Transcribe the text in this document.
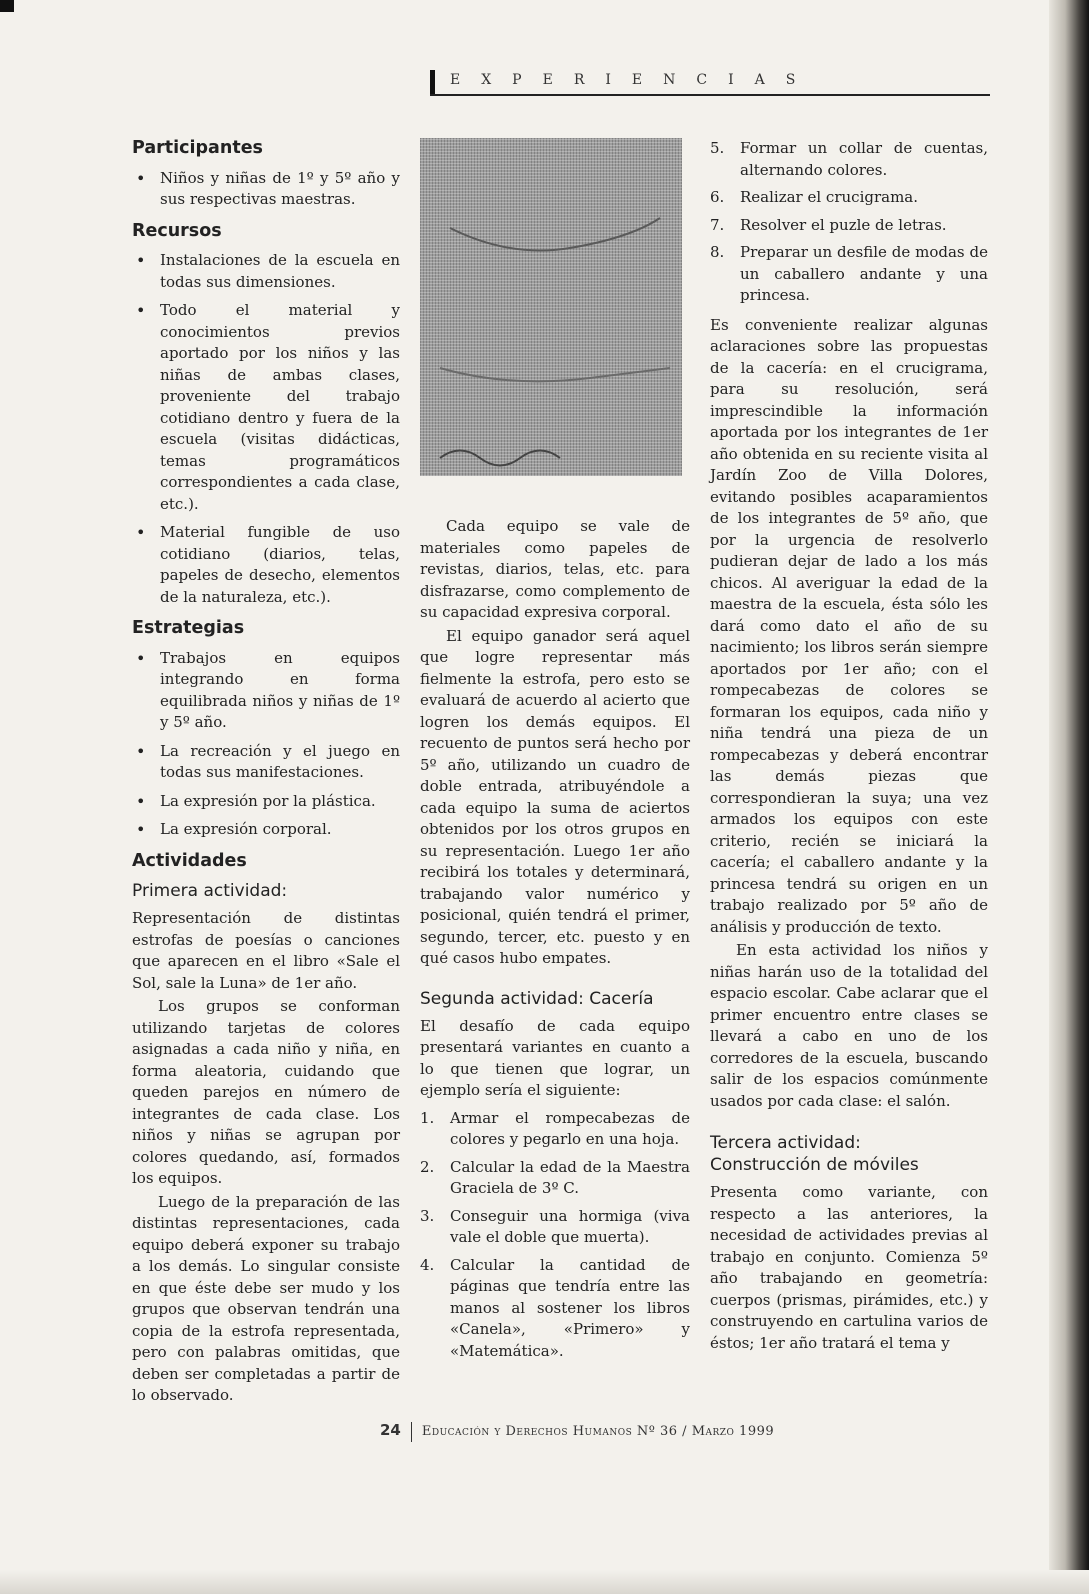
EXPERIENCIAS
Participantes
• Niños y niñas de 1º y 5º año y sus respectivas maestras.
Recursos
• Instalaciones de la escuela en todas sus dimensiones.
• Todo el material y conocimientos previos aportado por los niños y las niñas de ambas clases, proveniente del trabajo cotidiano dentro y fuera de la escuela (visitas didácticas, temas programáticos correspondientes a cada clase, etc.).
• Material fungible de uso cotidiano (diarios, telas, papeles de desecho, elementos de la naturaleza, etc.).
Estrategias
• Trabajos en equipos integrando en forma equilibrada niños y niñas de 1º y 5º año.
• La recreación y el juego en todas sus manifestaciones.
• La expresión por la plástica.
• La expresión corporal.
Actividades
Primera actividad:

Representación de distintas estrofas de poesías o canciones que aparecen en el libro «Sale el Sol, sale la Luna» de 1er año.

Los grupos se conforman utilizando tarjetas de colores asignadas a cada niño y niña, en forma aleatoria, cuidando que queden parejos en número de integrantes de cada clase. Los niños y niñas se agrupan por colores quedando, así, formados los equipos.

Luego de la preparación de las distintas representaciones, cada equipo deberá exponer su trabajo a los demás. Lo singular consiste en que éste debe ser mudo y los grupos que observan tendrán una copia de la estrofa representada, pero con palabras omitidas, que deben ser completadas a partir de lo observado.

Cada equipo se vale de materiales como papeles de revistas, diarios, telas, etc. para disfrazarse, como complemento de su capacidad expresiva corporal.

El equipo ganador será aquel que logre representar más fielmente la estrofa, pero esto se evaluará de acuerdo al acierto que logren los demás equipos. El recuento de puntos será hecho por 5º año, utilizando un cuadro de doble entrada, atribuyéndole a cada equipo la suma de aciertos obtenidos por los otros grupos en su representación. Luego 1er año recibirá los totales y determinará, trabajando valor numérico y posicional, quién tendrá el primer, segundo, tercer, etc. puesto y en qué casos hubo empates.

Segunda actividad: Cacería

El desafío de cada equipo presentará variantes en cuanto a lo que tienen que lograr, un ejemplo sería el siguiente:

1. Armar el rompecabezas de colores y pegarlo en una hoja.
2. Calcular la edad de la Maestra Graciela de 3º C.
3. Conseguir una hormiga (viva vale el doble que muerta).
4. Calcular la cantidad de páginas que tendría entre las manos al sostener los libros «Canela», «Primero» y «Matemática».
5. Formar un collar de cuentas, alternando colores.
6. Realizar el crucigrama.
7. Resolver el puzle de letras.
8. Preparar un desfile de modas de un caballero andante y una princesa.

Es conveniente realizar algunas aclaraciones sobre las propuestas de la cacería: en el crucigrama, para su resolución, será imprescindible la información aportada por los integrantes de 1er año obtenida en su reciente visita al Jardín Zoo de Villa Dolores, evitando posibles acaparamientos de los integrantes de 5º año, que por la urgencia de resolverlo pudieran dejar de lado a los más chicos. Al averiguar la edad de la maestra de la escuela, ésta sólo les dará como dato el año de su nacimiento; los libros serán siempre aportados por 1er año; con el rompecabezas de colores se formaran los equipos, cada niño y niña tendrá una pieza de un rompecabezas y deberá encontrar las demás piezas que correspondieran la suya; una vez armados los equipos con este criterio, recién se iniciará la cacería; el caballero andante y la princesa tendrá su origen en un trabajo realizado por 5º año de análisis y producción de texto.

En esta actividad los niños y niñas harán uso de la totalidad del espacio escolar. Cabe aclarar que el primer encuentro entre clases se llevará a cabo en uno de los corredores de la escuela, buscando salir de los espacios comúnmente usados por cada clase: el salón.

Tercera actividad:
Construcción de móviles

Presenta como variante, con respecto a las anteriores, la necesidad de actividades previas al trabajo en conjunto. Comienza 5º año trabajando en geometría: cuerpos (prismas, pirámides, etc.) y construyendo en cartulina varios de éstos; 1er año tratará el tema y

24 Educación y Derechos Humanos Nº 36 / Marzo 1999
